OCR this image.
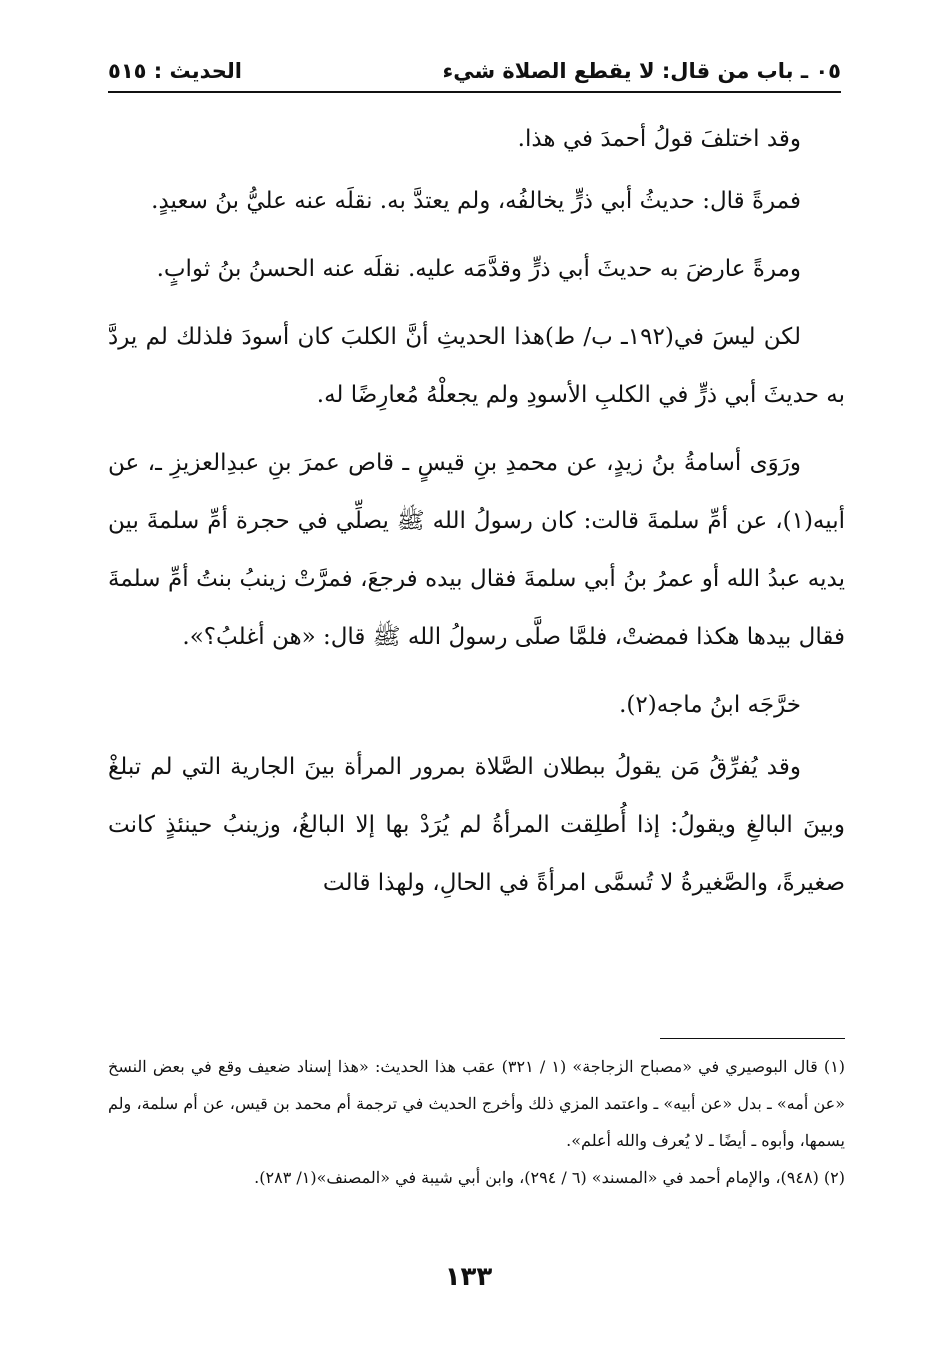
٠٥ ـ باب من قال: لا يقطع الصلاة شيء
الحديث : ٥١٥

وقد اختلفَ قولُ أحمدَ في هذا.

فمرةً قال: حديثُ أبي ذرٍّ يخالفُه، ولم يعتدَّ به. نقلَه عنه عليُّ بنُ سعيدٍ.

ومرةً عارضَ به حديثَ أبي ذرٍّ وقدَّمَه عليه. نقلَه عنه الحسنُ بنُ ثوابٍ.

لكن ليسَ في(١٩٢ـ ب/ ط)هذا الحديثِ أنَّ الكلبَ كان أسودَ فلذلك لم يردَّ به حديثَ أبي ذرٍّ في الكلبِ الأسودِ ولم يجعلْهُ مُعارِضًا له.

ورَوَى أسامةُ بنُ زيدٍ، عن محمدِ بنِ قيسٍ ـ قاص عمرَ بنِ عبدِالعزيزِ ـ، عن أبيه(١)، عن أمِّ سلمةَ قالت: كان رسولُ الله ﷺ يصلِّي في حجرة أمِّ سلمةَ بين يديه عبدُ الله أو عمرُ بنُ أبي سلمةَ فقال بيده فرجعَ، فمرَّتْ زينبُ بنتُ أمِّ سلمةَ فقال بيدها هكذا فمضتْ، فلمَّا صلَّى رسولُ الله ﷺ قال: «هن أغلبُ؟».

خرَّجَه ابنُ ماجه(٢).

وقد يُفرِّقُ مَن يقولُ ببطلان الصَّلاة بمرور المرأة بينَ الجارية التي لم تبلغْ وبينَ البالغِ ويقولُ: إذا أُطلِقت المرأةُ لم يُرَدْ بها إلا البالغُ، وزينبُ حينئذٍ كانت صغيرةً، والصَّغيرةُ لا تُسمَّى امرأةً في الحالِ، ولهذا قالت

(١) قال البوصيري في «مصباح الزجاجة» (١ / ٣٢١) عقب هذا الحديث: «هذا إسناد ضعيف وقع في بعض النسخ «عن أمه» ـ بدل «عن أبيه» ـ واعتمد المزي ذلك وأخرج الحديث في ترجمة أم محمد بن قيس، عن أم سلمة، ولم يسمها، وأبوه ـ أيضًا ـ لا يُعرف والله أعلم».

(٢) (٩٤٨)، والإمام أحمد في «المسند» (٦ / ٢٩٤)، وابن أبي شيبة في «المصنف»(١/ ٢٨٣).

١٣٣
